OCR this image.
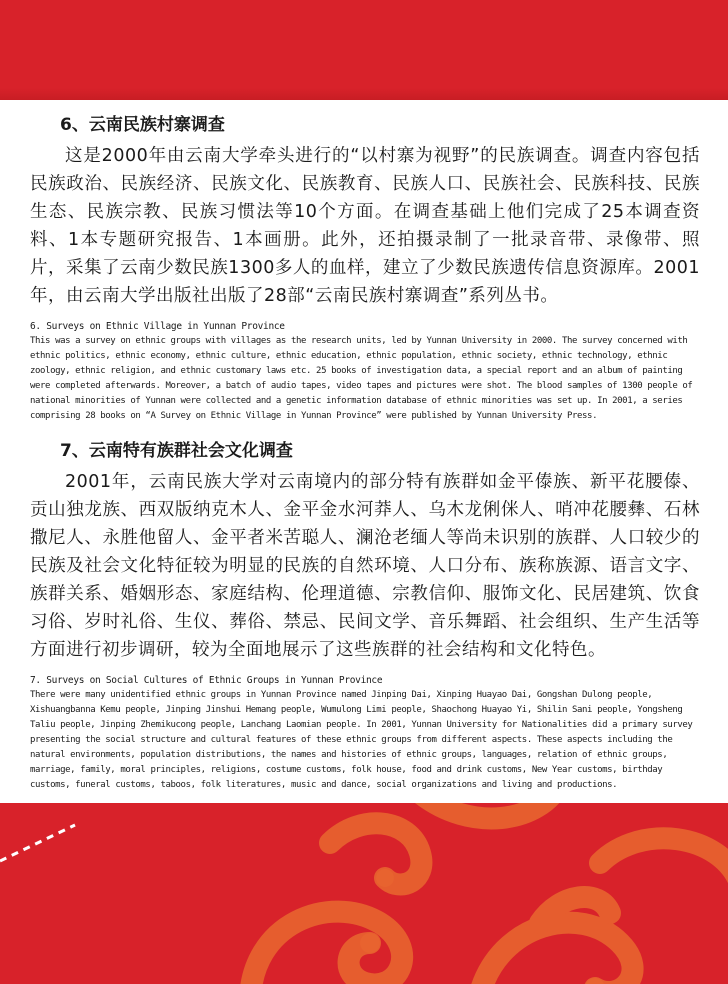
6、云南民族村寨调查

这是2000年由云南大学牵头进行的“以村寨为视野”的民族调查。调查内容包括民族政治、民族经济、民族文化、民族教育、民族人口、民族社会、民族科技、民族生态、民族宗教、民族习惯法等10个方面。在调查基础上他们完成了25本调查资料、1本专题研究报告、1本画册。此外，还拍摄录制了一批录音带、录像带、照片，采集了云南少数民族1300多人的血样，建立了少数民族遗传信息资源库。2001年，由云南大学出版社出版了28部“云南民族村寨调查”系列丛书。

6. Surveys on Ethnic Village in Yunnan Province

This was a survey on ethnic groups with villages as the research units, led by Yunnan University in 2000. The survey concerned with ethnic politics, ethnic economy, ethnic culture, ethnic education, ethnic population, ethnic society, ethnic technology, ethnic zoology, ethnic religion, and ethnic customary laws etc. 25 books of investigation data, a special report and an album of painting were completed afterwards. Moreover, a batch of audio tapes, video tapes and pictures were shot. The blood samples of 1300 people of national minorities of Yunnan were collected and a genetic information database of ethnic minorities was set up. In 2001, a series comprising 28 books on “A Survey on Ethnic Village in Yunnan Province” were published by Yunnan University Press.

7、云南特有族群社会文化调查

2001年，云南民族大学对云南境内的部分特有族群如金平傣族、新平花腰傣、贡山独龙族、西双版纳克木人、金平金水河莽人、乌木龙俐侎人、哨冲花腰彝、石林撒尼人、永胜他留人、金平者米苦聪人、澜沧老缅人等尚未识别的族群、人口较少的民族及社会文化特征较为明显的民族的自然环境、人口分布、族称族源、语言文字、族群关系、婚姻形态、家庭结构、伦理道德、宗教信仰、服饰文化、民居建筑、饮食习俗、岁时礼俗、生仪、葬俗、禁忌、民间文学、音乐舞蹈、社会组织、生产生活等方面进行初步调研，较为全面地展示了这些族群的社会结构和文化特色。

7. Surveys on Social Cultures of Ethnic Groups in Yunnan Province

There were many unidentified ethnic groups in Yunnan Province named Jinping Dai, Xinping Huayao Dai, Gongshan Dulong people, Xishuangbanna Kemu people, Jinping Jinshui Hemang people, Wumulong Limi people, Shaochong Huayao Yi, Shilin Sani people, Yongsheng Taliu people, Jinping Zhemikucong people, Lanchang Laomian people. In 2001, Yunnan University for Nationalities did a primary survey presenting the social structure and cultural features of these ethnic groups from different aspects. These aspects including the natural environments, population distributions, the names and histories of ethnic groups, languages, relation of ethnic groups, marriage, family, moral principles, religions, costume customs, folk house, food and drink customs, New Year customs, birthday customs, funeral customs, taboos, folk literatures, music and dance, social organizations and living and productions.
